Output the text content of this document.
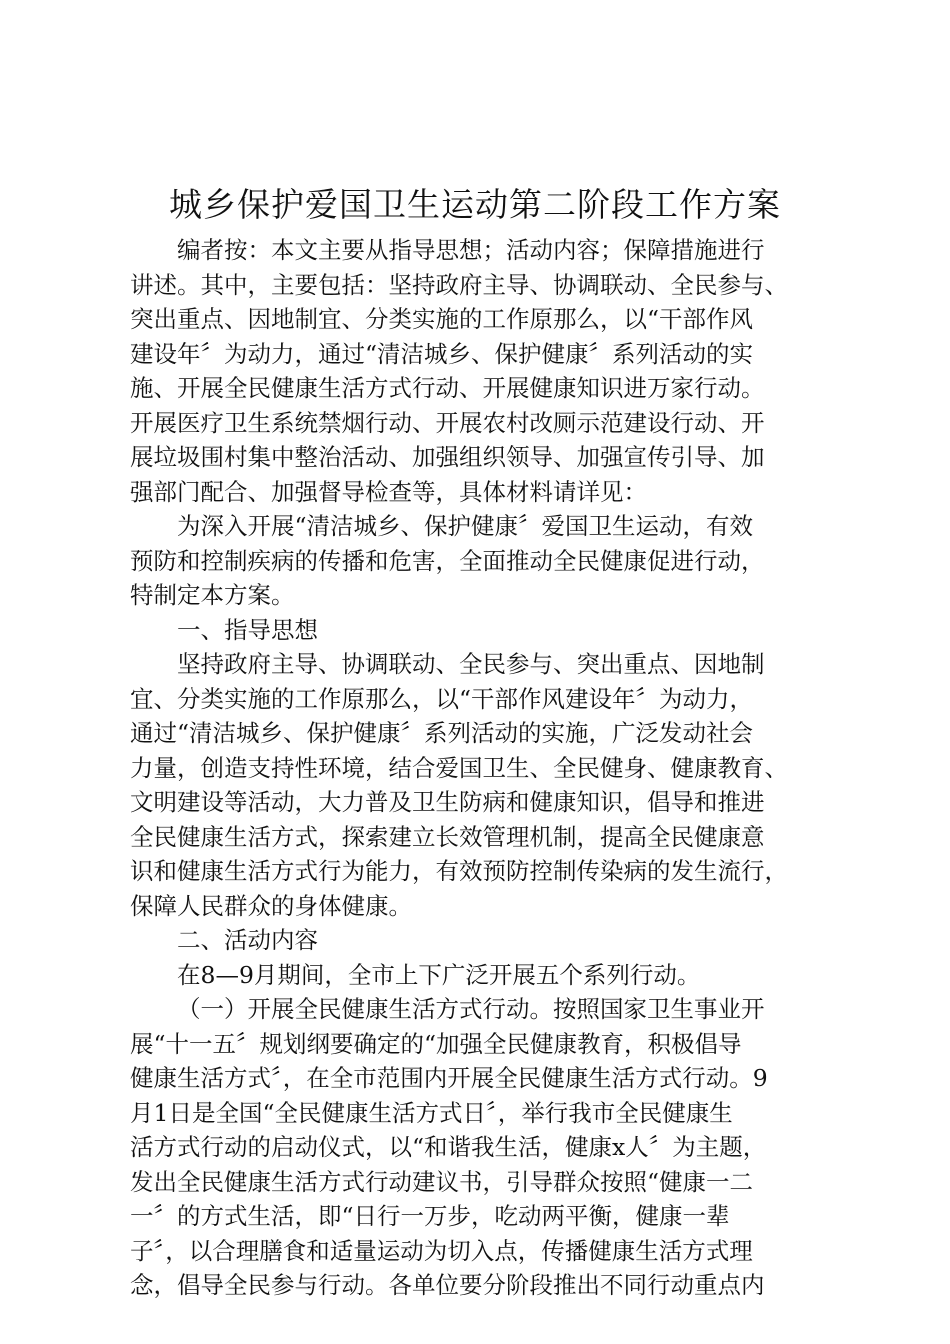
城乡保护爱国卫生运动第二阶段工作方案
编者按：本文主要从指导思想；活动内容；保障措施进行
讲述。其中，主要包括：坚持政府主导、协调联动、全民参与、
突出重点、因地制宜、分类实施的工作原那么，以“干部作风
建设年〞为动力，通过“清洁城乡、保护健康〞系列活动的实
施、开展全民健康生活方式行动、开展健康知识进万家行动。
开展医疗卫生系统禁烟行动、开展农村改厕示范建设行动、开
展垃圾围村集中整治活动、加强组织领导、加强宣传引导、加
强部门配合、加强督导检查等，具体材料请详见：
为深入开展“清洁城乡、保护健康〞爱国卫生运动，有效
预防和控制疾病的传播和危害，全面推动全民健康促进行动，
特制定本方案。
一、指导思想
坚持政府主导、协调联动、全民参与、突出重点、因地制
宜、分类实施的工作原那么，以“干部作风建设年〞为动力，
通过“清洁城乡、保护健康〞系列活动的实施，广泛发动社会
力量，创造支持性环境，结合爱国卫生、全民健身、健康教育、
文明建设等活动，大力普及卫生防病和健康知识，倡导和推进
全民健康生活方式，探索建立长效管理机制，提高全民健康意
识和健康生活方式行为能力，有效预防控制传染病的发生流行，
保障人民群众的身体健康。
二、活动内容
在8—9月期间，全市上下广泛开展五个系列行动。
（一）开展全民健康生活方式行动。按照国家卫生事业开
展“十一五〞规划纲要确定的“加强全民健康教育，积极倡导
健康生活方式〞，在全市范围内开展全民健康生活方式行动。9
月1日是全国“全民健康生活方式日〞，举行我市全民健康生
活方式行动的启动仪式，以“和谐我生活，健康x人〞为主题，
发出全民健康生活方式行动建议书，引导群众按照“健康一二
一〞的方式生活，即“日行一万步，吃动两平衡，健康一辈
子〞，以合理膳食和适量运动为切入点，传播健康生活方式理
念，倡导全民参与行动。各单位要分阶段推出不同行动重点内
